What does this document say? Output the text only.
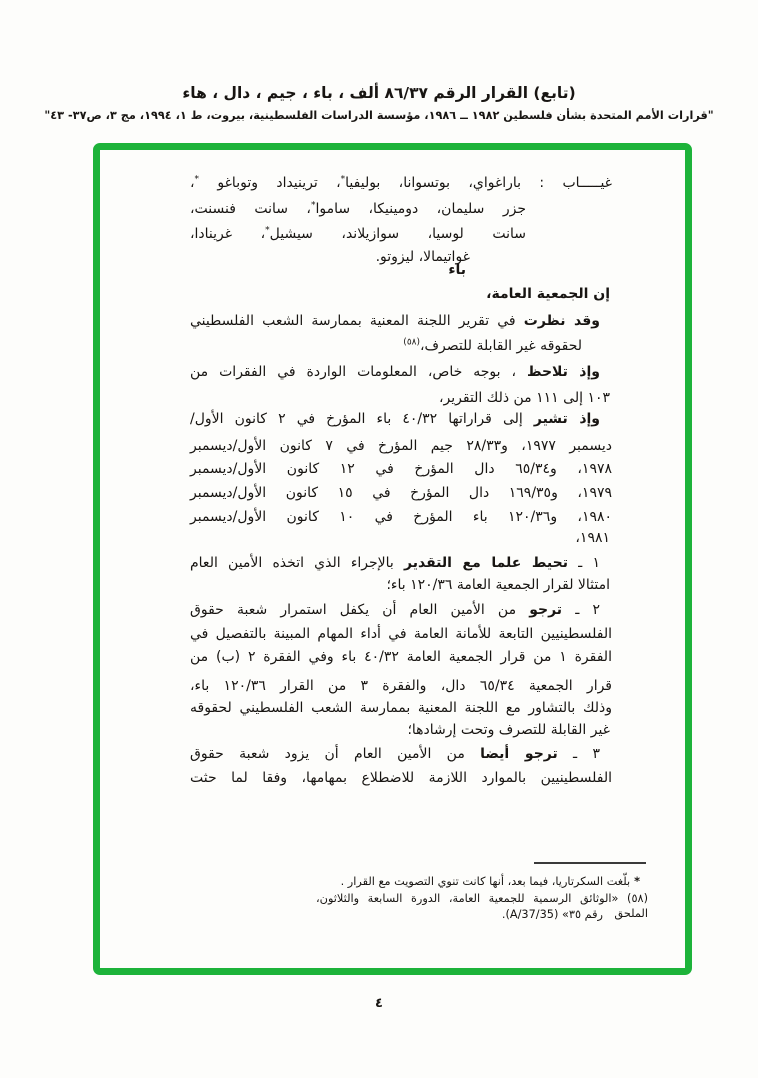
(تابع) القرار الرقم ٨٦/٣٧ ألف ، باء ، جيم ، دال ، هاء
"قرارات الأمم المتحدة بشأن فلسطين ١٩٨٢ ــ ١٩٨٦، مؤسسة الدراسات الفلسطينية، بيروت، ط ١، ١٩٩٤، مج ٣، ص٣٧- ٤٣"
غيـــــاب : باراغواي، بوتسوانا، بوليفيا*، ترينيداد وتوباغو *،
جزر سليمان، دومينيكا، ساموا*، سانت فنسنت،
سانت لوسيا، سوازيلاند، سيشيل*، غرينادا،
غواتيمالا، ليزوتو.
باء
إن الجمعية العامة،
وقد نظرت في تقرير اللجنة المعنية بممارسة الشعب الفلسطيني
لحقوقه غير القابلة للتصرف،$^{(٥٨)}$
وإذ تلاحظ ، بوجه خاص، المعلومات الواردة في الفقرات من
١٠٣ إلى ١١١ من ذلك التقرير،
وإذ تشير إلى قراراتها ٤٠/٣٢ باء المؤرخ في ٢ كانون الأول/
ديسمبر ١٩٧٧، و٢٨/٣٣ جيم المؤرخ في ٧ كانون الأول/ديسمبر
١٩٧٨، و٦٥/٣٤ دال المؤرخ في ١٢ كانون الأول/ديسمبر
١٩٧٩، و١٦٩/٣٥ دال المؤرخ في ١٥ كانون الأول/ديسمبر
١٩٨٠، و١٢٠/٣٦ باء المؤرخ في ١٠ كانون الأول/ديسمبر
١٩٨١،
١ ـ تحيط علما مع التقدير بالإجراء الذي اتخذه الأمين العام
امتثالا لقرار الجمعية العامة ١٢٠/٣٦ باء؛
٢ ـ ترجو من الأمين العام أن يكفل استمرار شعبة حقوق
الفلسطينيين التابعة للأمانة العامة في أداء المهام المبينة بالتفصيل في
الفقرة ١ من قرار الجمعية العامة ٤٠/٣٢ باء وفي الفقرة ٢ (ب) من
قرار الجمعية ٦٥/٣٤ دال، والفقرة ٣ من القرار ١٢٠/٣٦ باء،
وذلك بالتشاور مع اللجنة المعنية بممارسة الشعب الفلسطيني لحقوقه
غير القابلة للتصرف وتحت إرشادها؛
٣ ـ ترجو أيضا من الأمين العام أن يزود شعبة حقوق
الفلسطينيين بالموارد اللازمة للاضطلاع بمهامها، وفقا لما حثت
* بلّغت السكرتاريا، فيما بعد، أنها كانت تنوي التصويت مع القرار .
(٥٨) «الوثائق الرسمية للجمعية العامة، الدورة السابعة والثلاثون، الملحق
رقم ٣٥» (A/37/35).
٤
